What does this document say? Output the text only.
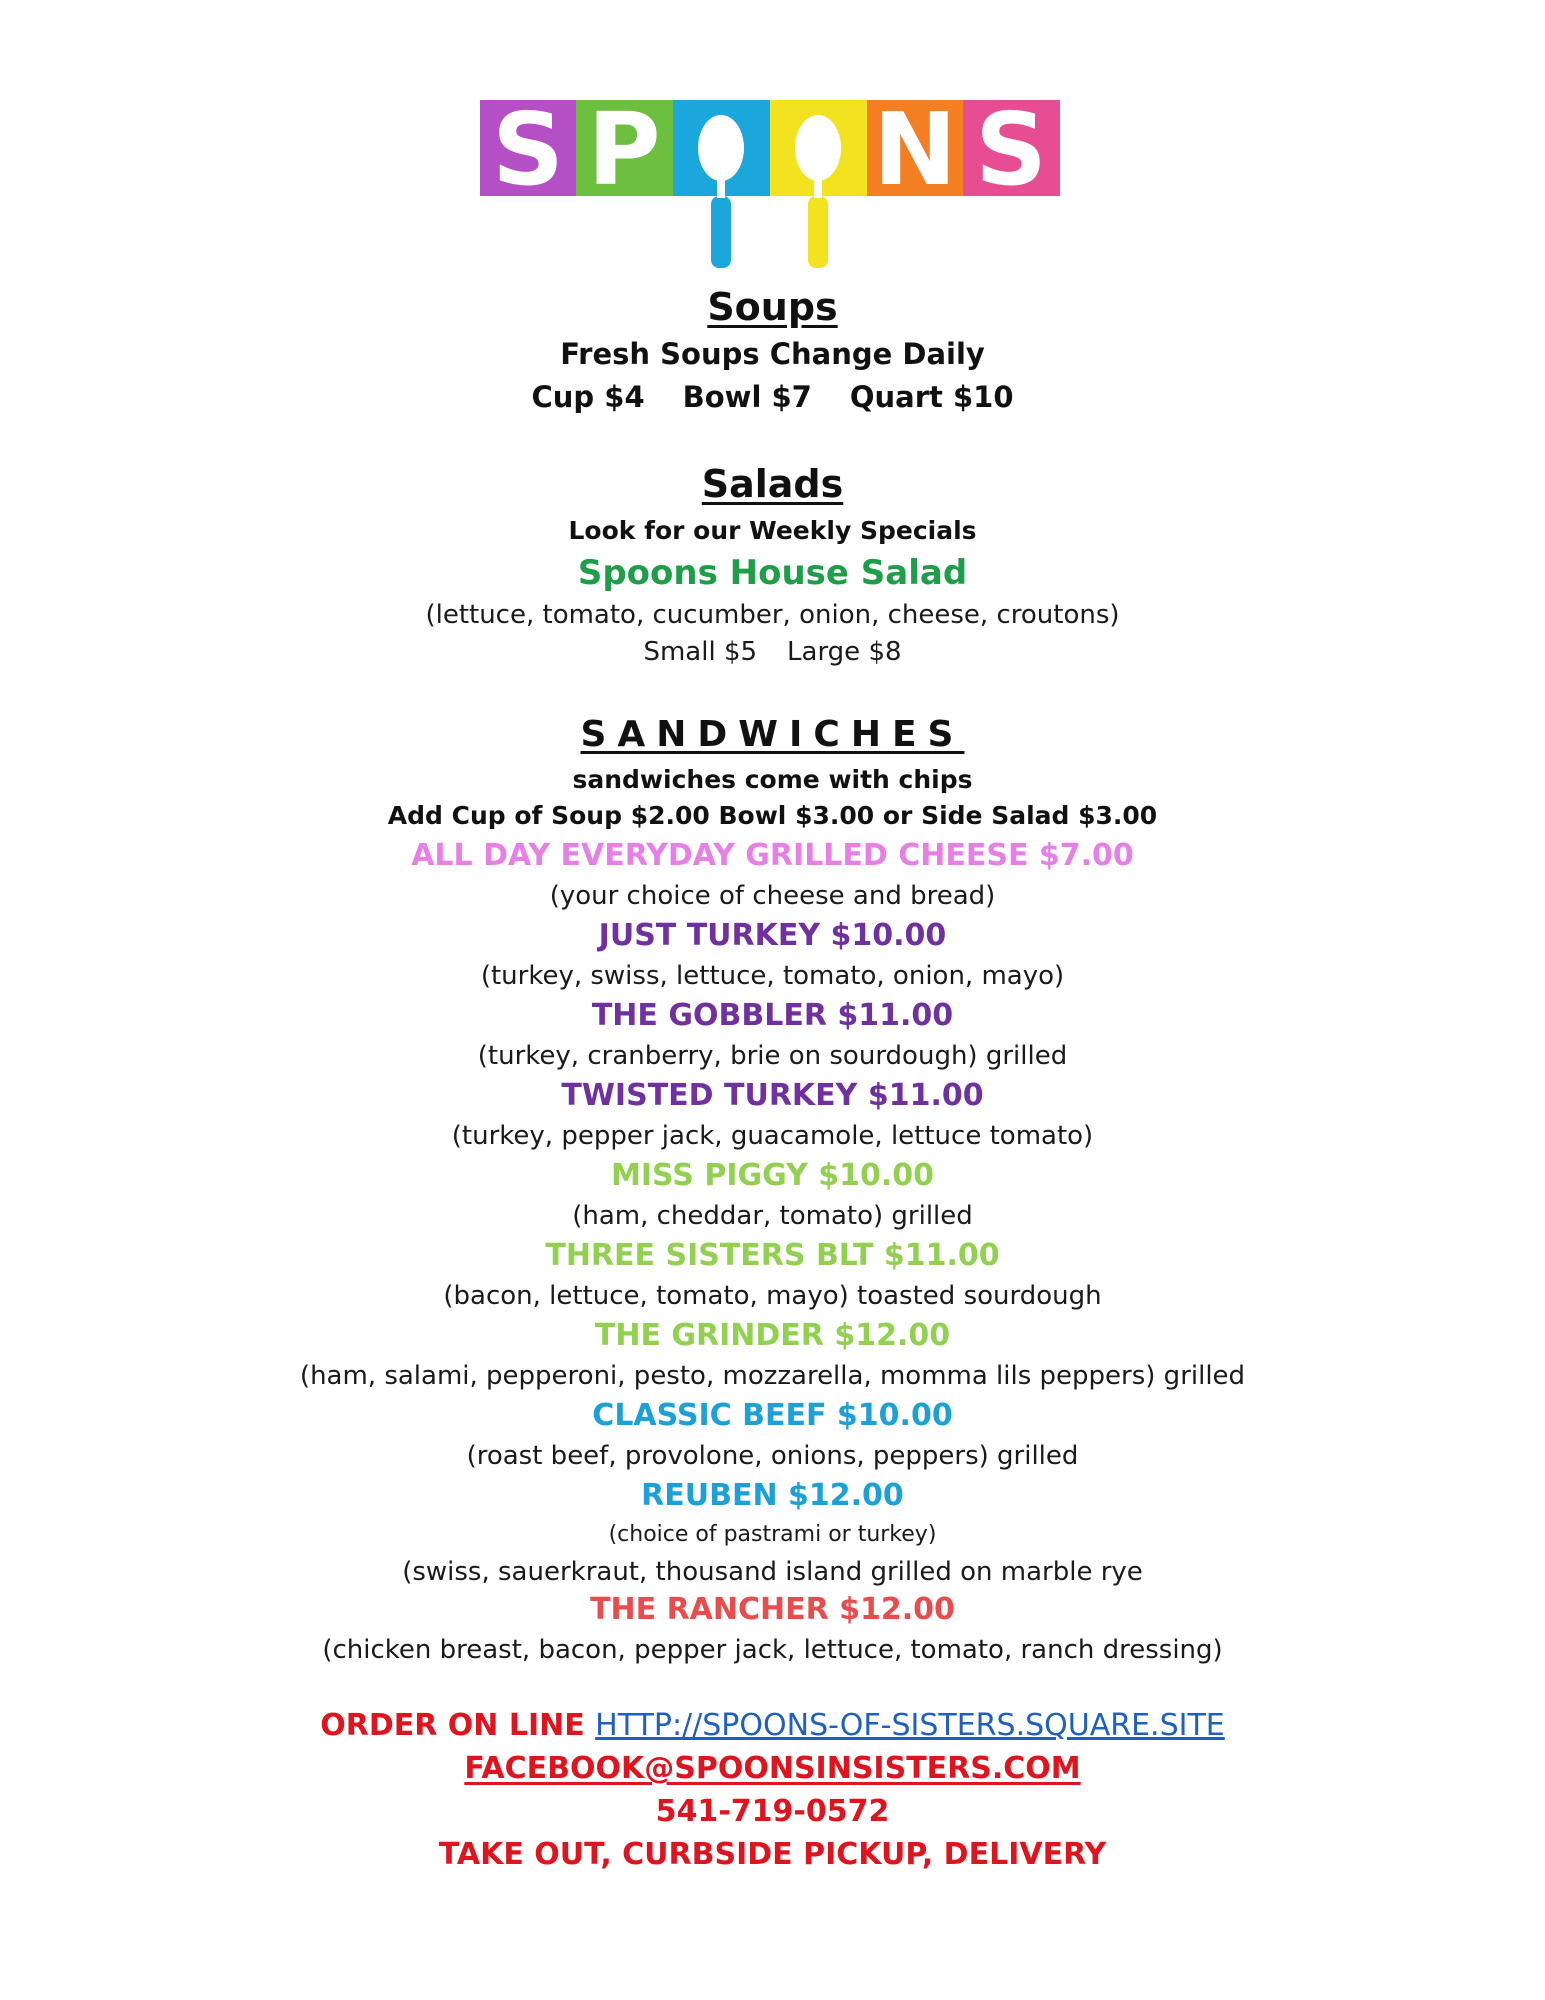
S P N S
Soups
Fresh Soups Change Daily
Cup $4 Bowl $7 Quart $10
Salads
Look for our Weekly Specials
Spoons House Salad
(lettuce, tomato, cucumber, onion, cheese, croutons)
Small $5 Large $8
SANDWICHES
sandwiches come with chips
Add Cup of Soup $2.00 Bowl $3.00 or Side Salad $3.00
ALL DAY EVERYDAY GRILLED CHEESE $7.00
(your choice of cheese and bread)
JUST TURKEY $10.00
(turkey, swiss, lettuce, tomato, onion, mayo)
THE GOBBLER $11.00
(turkey, cranberry, brie on sourdough) grilled
TWISTED TURKEY $11.00
(turkey, pepper jack, guacamole, lettuce tomato)
MISS PIGGY $10.00
(ham, cheddar, tomato) grilled
THREE SISTERS BLT $11.00
(bacon, lettuce, tomato, mayo) toasted sourdough
THE GRINDER $12.00
(ham, salami, pepperoni, pesto, mozzarella, momma lils peppers) grilled
CLASSIC BEEF $10.00
(roast beef, provolone, onions, peppers) grilled
REUBEN $12.00
(choice of pastrami or turkey)
(swiss, sauerkraut, thousand island grilled on marble rye
THE RANCHER $12.00
(chicken breast, bacon, pepper jack, lettuce, tomato, ranch dressing)
ORDER ON LINE HTTP://SPOONS-OF-SISTERS.SQUARE.SITE
FACEBOOK@SPOONSINSISTERS.COM
541-719-0572
TAKE OUT, CURBSIDE PICKUP, DELIVERY
